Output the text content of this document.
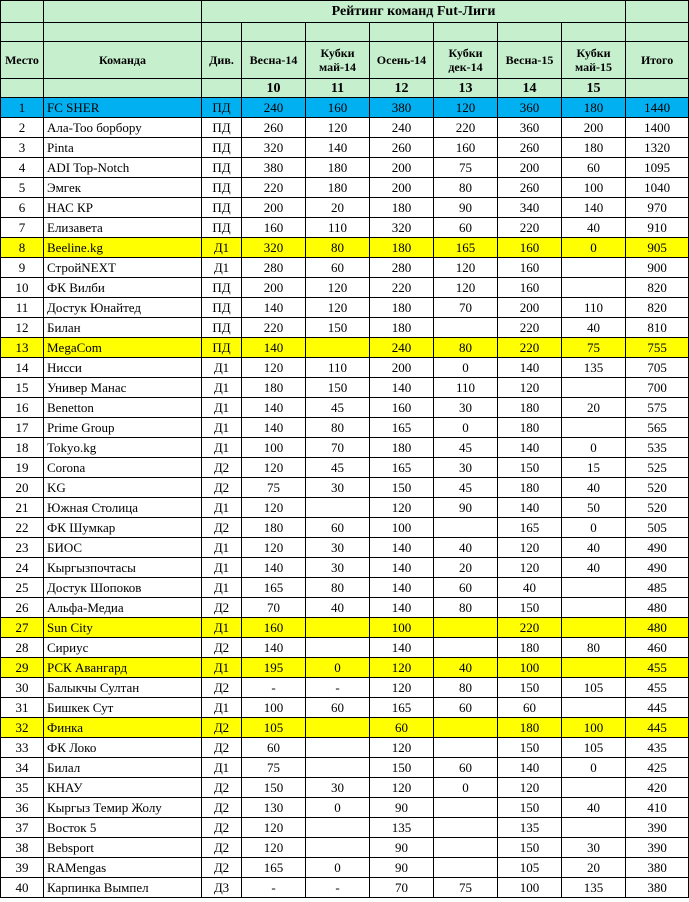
		Рейтинг команд Fut-Лиги							

Место	Команда	Див.	Весна-14	Кубки май-14	Осень-14	Кубки дек-14	Весна-15	Кубки май-15	Итого
			10	11	12	13	14	15	
1	FC SHER	ПД	240	160	380	120	360	180	1440
2	Ала-Тоо борбору	ПД	260	120	240	220	360	200	1400
3	Pinta	ПД	320	140	260	160	260	180	1320
4	ADI Top-Notch	ПД	380	180	200	75	200	60	1095
5	Эмгек	ПД	220	180	200	80	260	100	1040
6	НАС КР	ПД	200	20	180	90	340	140	970
7	Елизавета	ПД	160	110	320	60	220	40	910
8	Beeline.kg	Д1	320	80	180	165	160	0	905
9	СтройNEXT	Д1	280	60	280	120	160		900
10	ФК Вилби	ПД	200	120	220	120	160		820
11	Достук Юнайтед	ПД	140	120	180	70	200	110	820
12	Билан	ПД	220	150	180		220	40	810
13	MegaCom	ПД	140		240	80	220	75	755
14	Нисси	Д1	120	110	200	0	140	135	705
15	Универ Манас	Д1	180	150	140	110	120		700
16	Benetton	Д1	140	45	160	30	180	20	575
17	Prime Group	Д1	140	80	165	0	180		565
18	Tokyo.kg	Д1	100	70	180	45	140	0	535
19	Corona	Д2	120	45	165	30	150	15	525
20	KG	Д2	75	30	150	45	180	40	520
21	Южная Столица	Д1	120		120	90	140	50	520
22	ФК Шумкар	Д2	180	60	100		165	0	505
23	БИОС	Д1	120	30	140	40	120	40	490
24	Кыргызпочтасы	Д1	140	30	140	20	120	40	490
25	Достук Шопоков	Д1	165	80	140	60	40		485
26	Альфа-Медиа	Д2	70	40	140	80	150		480
27	Sun City	Д1	160		100		220		480
28	Сириус	Д2	140		140		180	80	460
29	РСК Авангард	Д1	195	0	120	40	100		455
30	Балыкчы Султан	Д2	-	-	120	80	150	105	455
31	Бишкек Сут	Д1	100	60	165	60	60		445
32	Финка	Д2	105		60		180	100	445
33	ФК Локо	Д2	60		120		150	105	435
34	Билал	Д1	75		150	60	140	0	425
35	КНАУ	Д2	150	30	120	0	120		420
36	Кыргыз Темир Жолу	Д2	130	0	90		150	40	410
37	Восток 5	Д2	120		135		135		390
38	Bebsport	Д2	120		90		150	30	390
39	RAMengas	Д2	165	0	90		105	20	380
40	Карпинка Вымпел	Д3	-	-	70	75	100	135	380
